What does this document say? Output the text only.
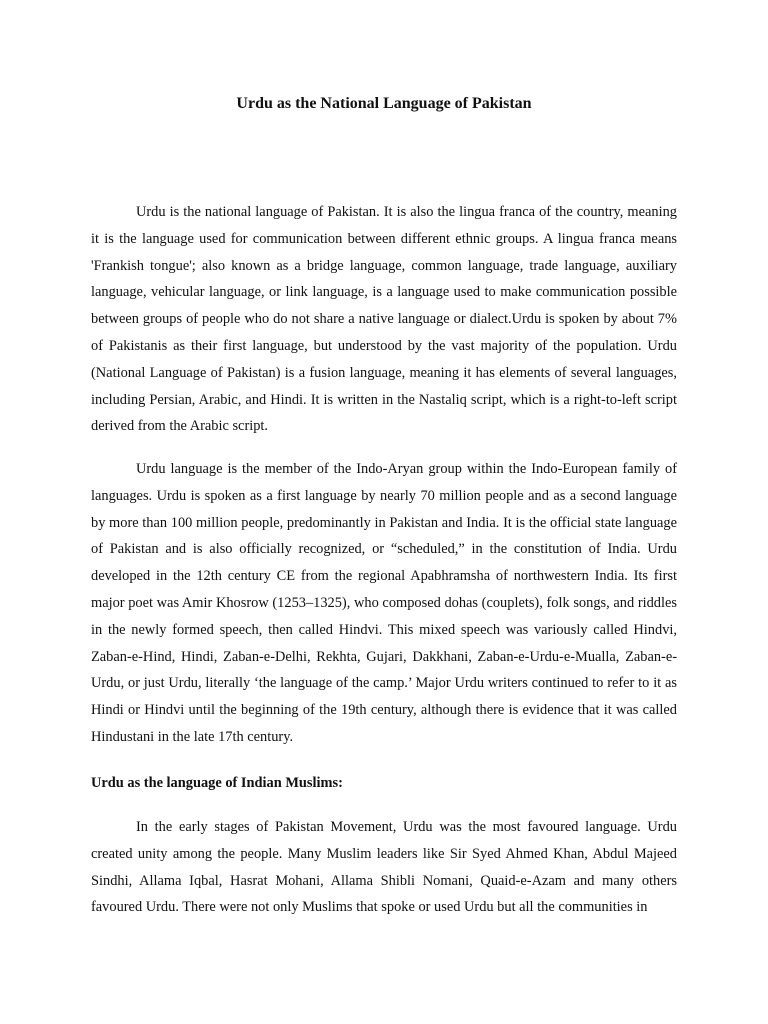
Urdu as the National Language of Pakistan

Urdu is the national language of Pakistan. It is also the lingua franca of the country, meaning it is the language used for communication between different ethnic groups. A lingua franca means 'Frankish tongue'; also known as a bridge language, common language, trade language, auxiliary language, vehicular language, or link language, is a language used to make communication possible between groups of people who do not share a native language or dialect.Urdu is spoken by about 7% of Pakistanis as their first language, but understood by the vast majority of the population. Urdu (National Language of Pakistan) is a fusion language, meaning it has elements of several languages, including Persian, Arabic, and Hindi. It is written in the Nastaliq script, which is a right-to-left script derived from the Arabic script.

Urdu language is the member of the Indo-Aryan group within the Indo-European family of languages. Urdu is spoken as a first language by nearly 70 million people and as a second language by more than 100 million people, predominantly in Pakistan and India. It is the official state language of Pakistan and is also officially recognized, or “scheduled,” in the constitution of India. Urdu developed in the 12th century CE from the regional Apabhramsha of northwestern India. Its first major poet was Amir Khosrow (1253–1325), who composed dohas (couplets), folk songs, and riddles in the newly formed speech, then called Hindvi. This mixed speech was variously called Hindvi, Zaban-e-Hind, Hindi, Zaban-e-Delhi, Rekhta, Gujari, Dakkhani, Zaban-e-Urdu-e-Mualla, Zaban-e-Urdu, or just Urdu, literally ‘the language of the camp.’ Major Urdu writers continued to refer to it as Hindi or Hindvi until the beginning of the 19th century, although there is evidence that it was called Hindustani in the late 17th century.

Urdu as the language of Indian Muslims:

In the early stages of Pakistan Movement, Urdu was the most favoured language. Urdu created unity among the people. Many Muslim leaders like Sir Syed Ahmed Khan, Abdul Majeed Sindhi, Allama Iqbal, Hasrat Mohani, Allama Shibli Nomani, Quaid-e-Azam and many others favoured Urdu. There were not only Muslims that spoke or used Urdu but all the communities in
